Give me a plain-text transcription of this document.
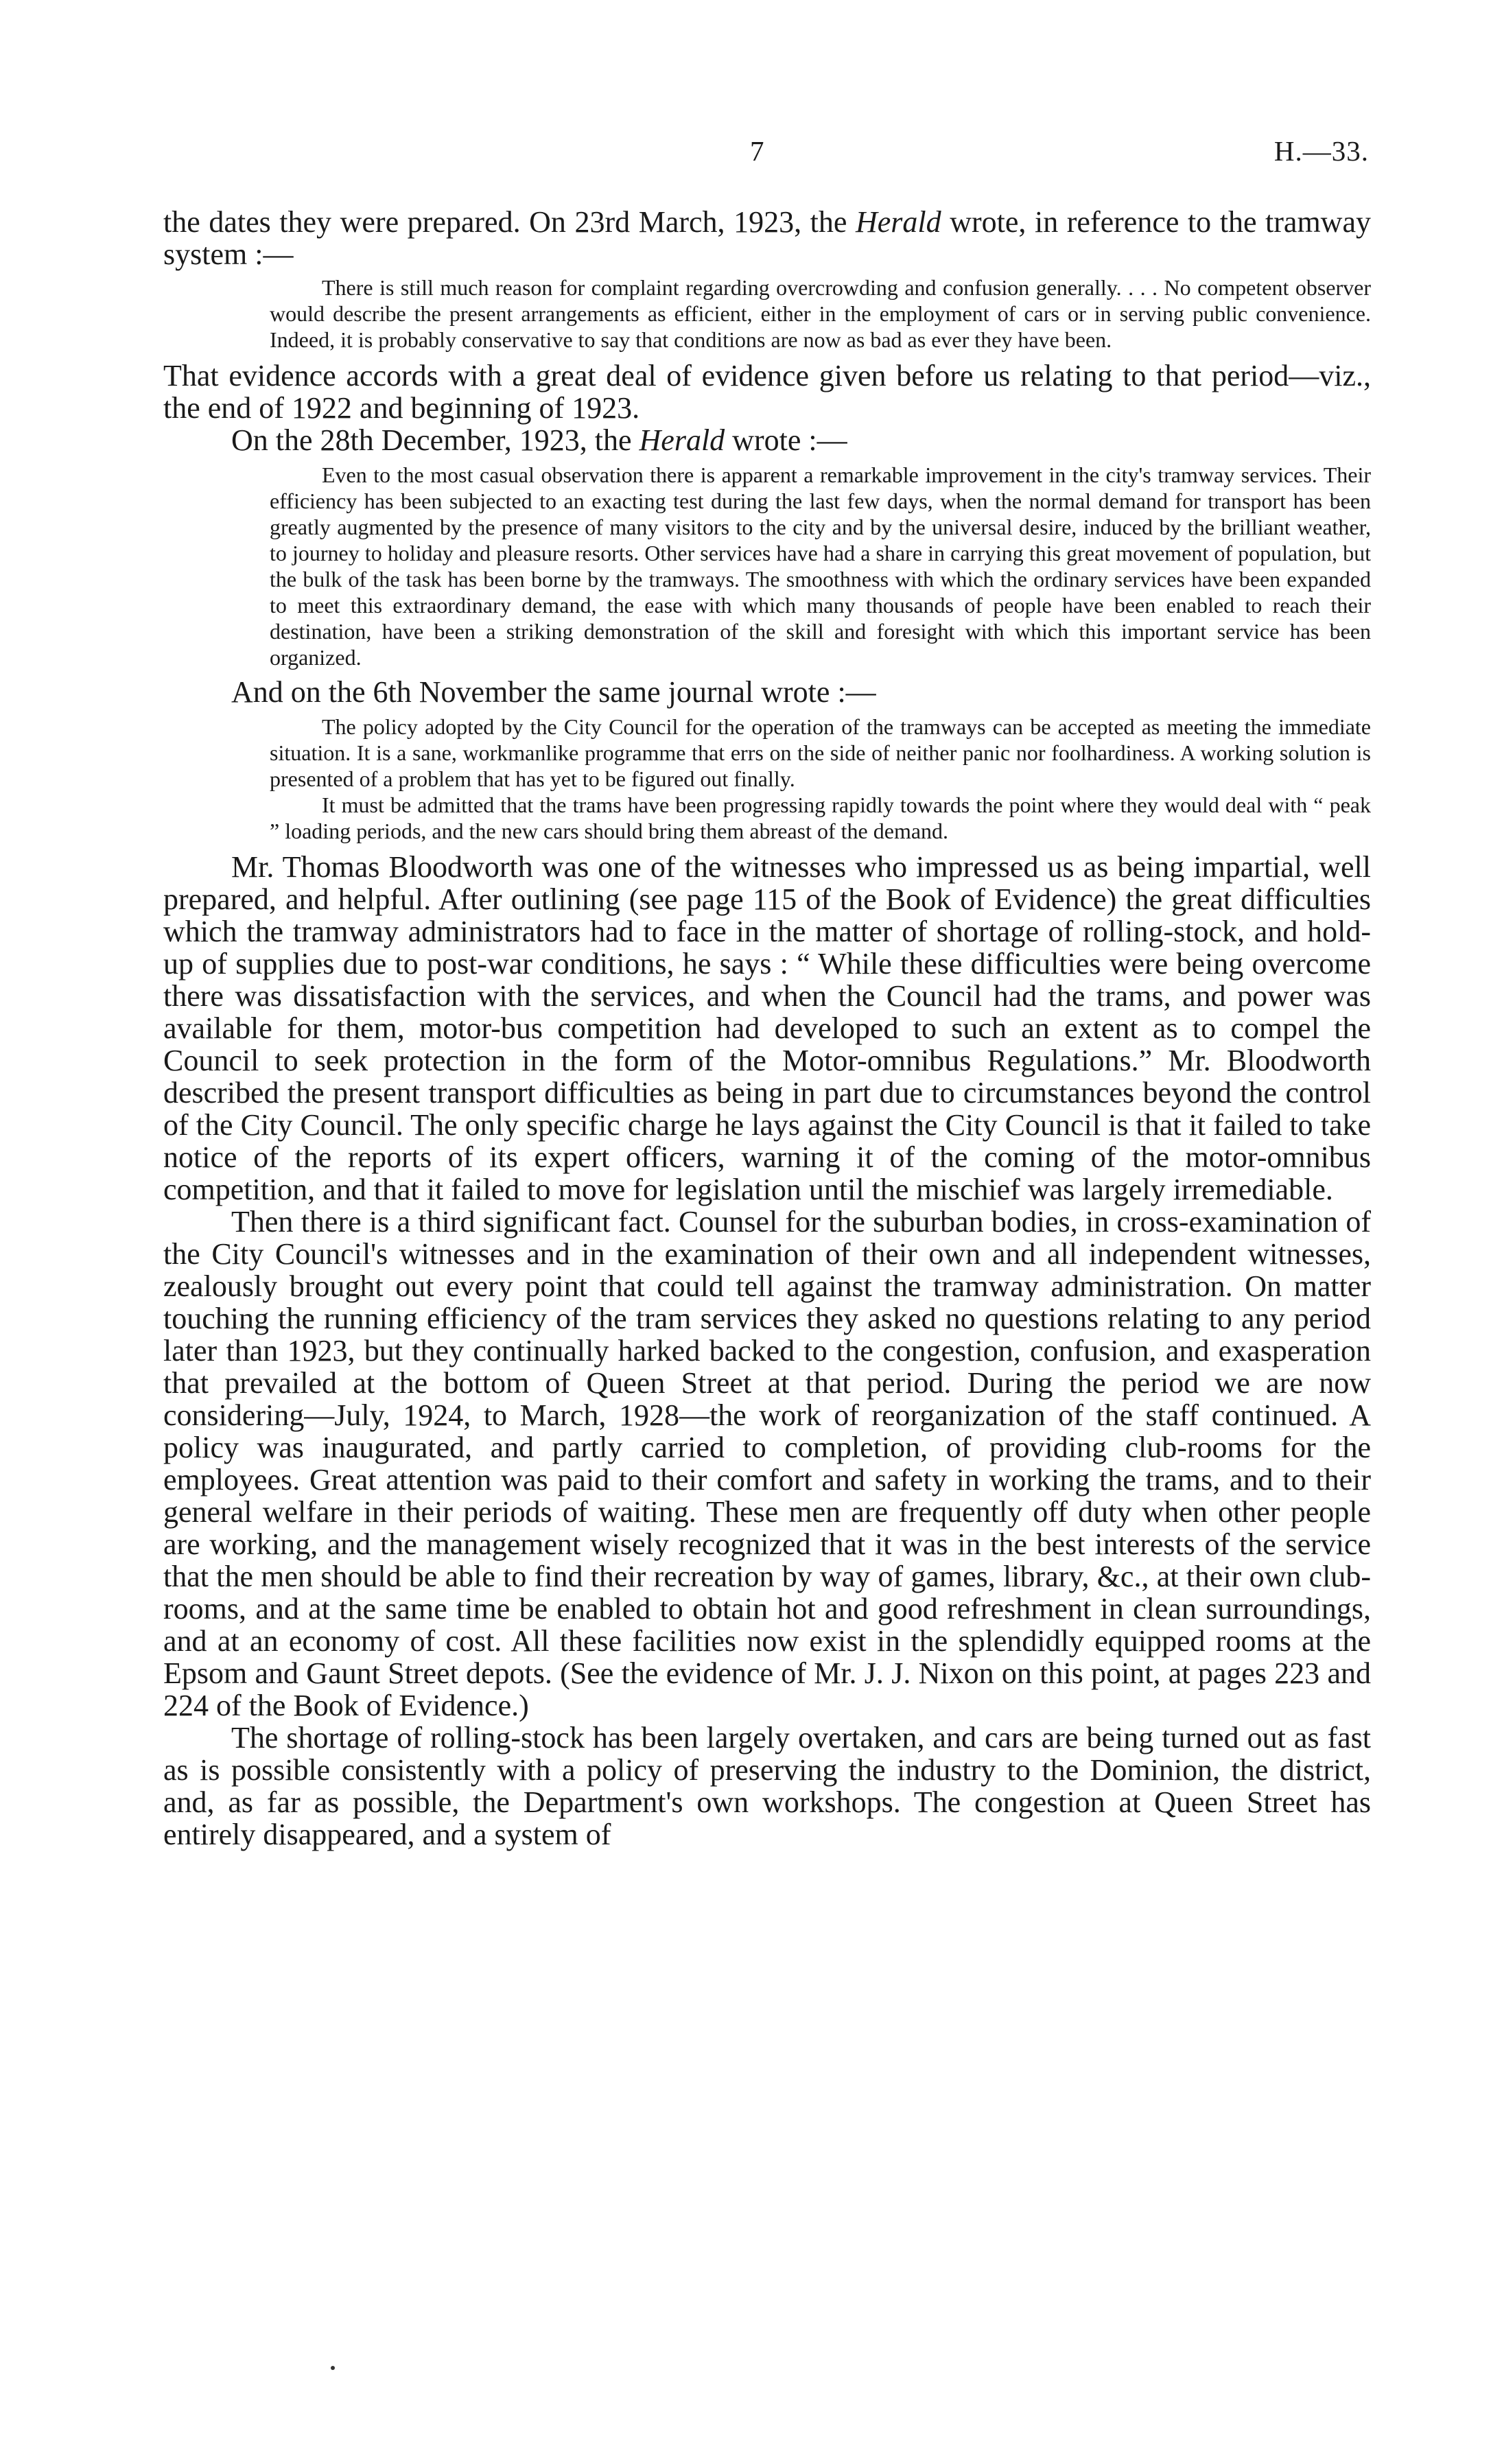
7	H.—33.

the dates they were prepared. On 23rd March, 1923, the Herald wrote, in reference to the tramway system :—

There is still much reason for complaint regarding overcrowding and confusion generally. . . . No competent observer would describe the present arrangements as efficient, either in the employment of cars or in serving public convenience. Indeed, it is probably conservative to say that conditions are now as bad as ever they have been.

That evidence accords with a great deal of evidence given before us relating to that period—viz., the end of 1922 and beginning of 1923.

On the 28th December, 1923, the Herald wrote :—

Even to the most casual observation there is apparent a remarkable improvement in the city's tramway services. Their efficiency has been subjected to an exacting test during the last few days, when the normal demand for transport has been greatly augmented by the presence of many visitors to the city and by the universal desire, induced by the brilliant weather, to journey to holiday and pleasure resorts. Other services have had a share in carrying this great movement of population, but the bulk of the task has been borne by the tramways. The smoothness with which the ordinary services have been expanded to meet this extraordinary demand, the ease with which many thousands of people have been enabled to reach their destination, have been a striking demonstration of the skill and foresight with which this important service has been organized.

And on the 6th November the same journal wrote :—

The policy adopted by the City Council for the operation of the tramways can be accepted as meeting the immediate situation. It is a sane, workmanlike programme that errs on the side of neither panic nor foolhardiness. A working solution is presented of a problem that has yet to be figured out finally.

It must be admitted that the trams have been progressing rapidly towards the point where they would deal with “ peak ” loading periods, and the new cars should bring them abreast of the demand.

Mr. Thomas Bloodworth was one of the witnesses who impressed us as being impartial, well prepared, and helpful. After outlining (see page 115 of the Book of Evidence) the great difficulties which the tramway administrators had to face in the matter of shortage of rolling-stock, and hold-up of supplies due to post-war conditions, he says : “ While these difficulties were being overcome there was dissatisfaction with the services, and when the Council had the trams, and power was available for them, motor-bus competition had developed to such an extent as to compel the Council to seek protection in the form of the Motor-omnibus Regulations.” Mr. Bloodworth described the present transport difficulties as being in part due to circumstances beyond the control of the City Council. The only specific charge he lays against the City Council is that it failed to take notice of the reports of its expert officers, warning it of the coming of the motor-omnibus competition, and that it failed to move for legislation until the mischief was largely irremediable.

Then there is a third significant fact. Counsel for the suburban bodies, in cross-examination of the City Council's witnesses and in the examination of their own and all independent witnesses, zealously brought out every point that could tell against the tramway administration. On matter touching the running efficiency of the tram services they asked no questions relating to any period later than 1923, but they continually harked backed to the congestion, confusion, and exasperation that prevailed at the bottom of Queen Street at that period. During the period we are now considering—July, 1924, to March, 1928—the work of reorganization of the staff continued. A policy was inaugurated, and partly carried to completion, of providing club-rooms for the employees. Great attention was paid to their comfort and safety in working the trams, and to their general welfare in their periods of waiting. These men are frequently off duty when other people are working, and the management wisely recognized that it was in the best interests of the service that the men should be able to find their recreation by way of games, library, &c., at their own club-rooms, and at the same time be enabled to obtain hot and good refreshment in clean surroundings, and at an economy of cost. All these facilities now exist in the splendidly equipped rooms at the Epsom and Gaunt Street depots. (See the evidence of Mr. J. J. Nixon on this point, at pages 223 and 224 of the Book of Evidence.)

The shortage of rolling-stock has been largely overtaken, and cars are being turned out as fast as is possible consistently with a policy of preserving the industry to the Dominion, the district, and, as far as possible, the Department's own workshops. The congestion at Queen Street has entirely disappeared, and a system of
